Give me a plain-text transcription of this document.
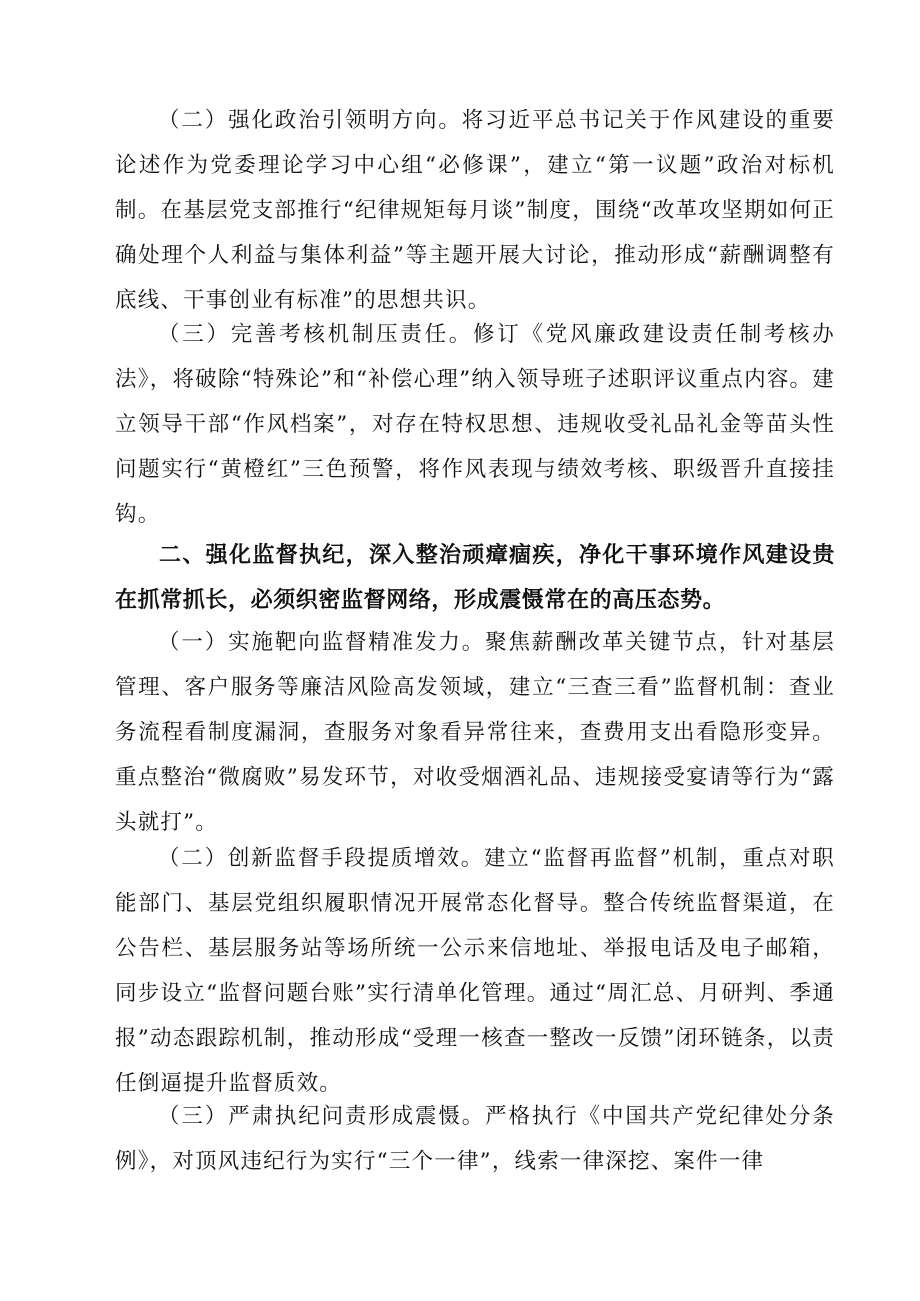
（二）强化政治引领明方向。将习近平总书记关于作风建设的重要论述作为党委理论学习中心组“必修课”，建立“第一议题”政治对标机制。在基层党支部推行“纪律规矩每月谈”制度，围绕“改革攻坚期如何正确处理个人利益与集体利益”等主题开展大讨论，推动形成“薪酬调整有底线、干事创业有标准”的思想共识。

（三）完善考核机制压责任。修订《党风廉政建设责任制考核办法》，将破除“特殊论”和“补偿心理”纳入领导班子述职评议重点内容。建立领导干部“作风档案”，对存在特权思想、违规收受礼品礼金等苗头性问题实行“黄橙红”三色预警，将作风表现与绩效考核、职级晋升直接挂钩。

二、强化监督执纪，深入整治顽瘴痼疾，净化干事环境作风建设贵在抓常抓长，必须织密监督网络，形成震慑常在的高压态势。

（一）实施靶向监督精准发力。聚焦薪酬改革关键节点，针对基层管理、客户服务等廉洁风险高发领域，建立“三查三看”监督机制：查业务流程看制度漏洞，查服务对象看异常往来，查费用支出看隐形变异。重点整治“微腐败”易发环节，对收受烟酒礼品、违规接受宴请等行为“露头就打”。

（二）创新监督手段提质增效。建立“监督再监督”机制，重点对职能部门、基层党组织履职情况开展常态化督导。整合传统监督渠道，在公告栏、基层服务站等场所统一公示来信地址、举报电话及电子邮箱，同步设立“监督问题台账”实行清单化管理。通过“周汇总、月研判、季通报”动态跟踪机制，推动形成“受理一核查一整改一反馈”闭环链条，以责任倒逼提升监督质效。

（三）严肃执纪问责形成震慑。严格执行《中国共产党纪律处分条例》，对顶风违纪行为实行“三个一律”，线索一律深挖、案件一律
